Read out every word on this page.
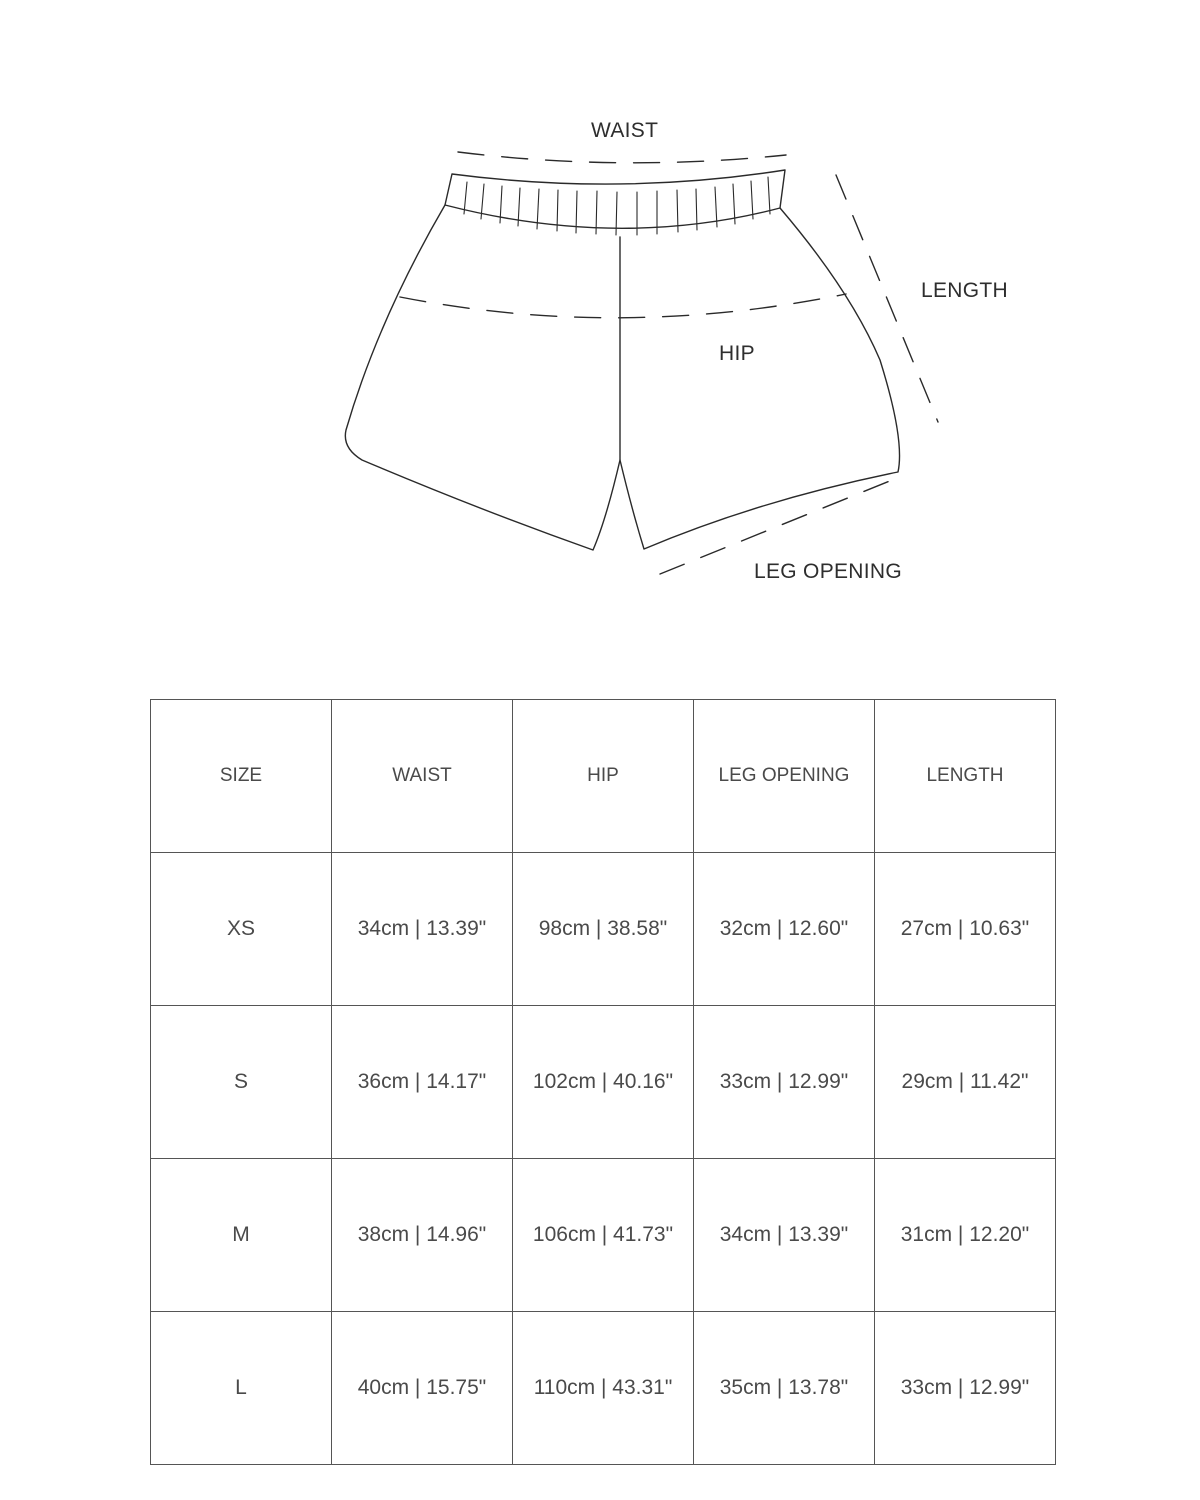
WAIST
LENGTH
HIP
LEG OPENING
SIZE	WAIST	HIP	LEG OPENING	LENGTH
XS	34cm | 13.39"	98cm | 38.58"	32cm | 12.60"	27cm | 10.63"
S	36cm | 14.17"	102cm | 40.16"	33cm | 12.99"	29cm | 11.42"
M	38cm | 14.96"	106cm | 41.73"	34cm | 13.39"	31cm | 12.20"
L	40cm | 15.75"	110cm | 43.31"	35cm | 13.78"	33cm | 12.99"
